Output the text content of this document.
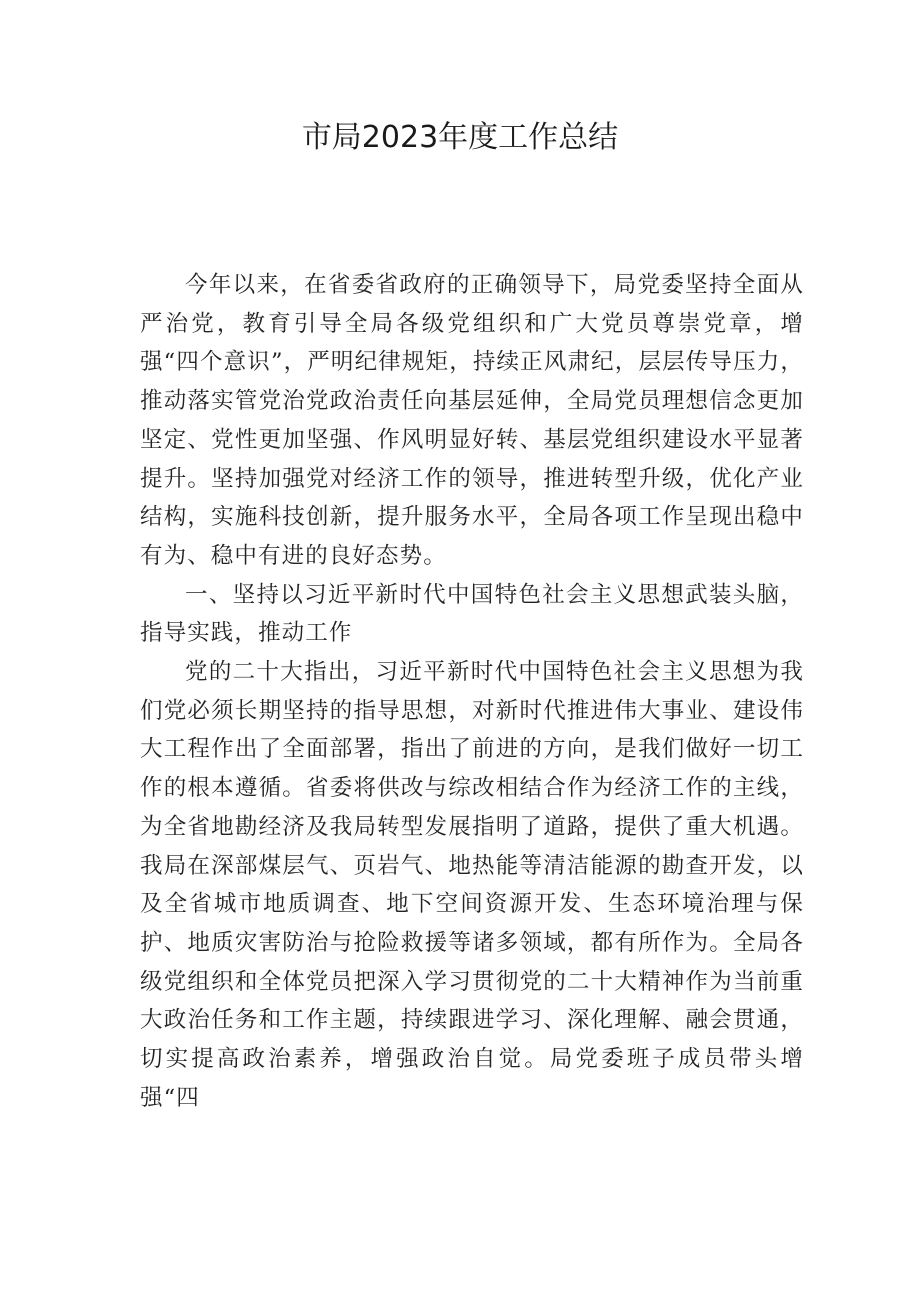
市局2023年度工作总结

今年以来，在省委省政府的正确领导下，局党委坚持全面从严治党，教育引导全局各级党组织和广大党员尊崇党章，增强“四个意识”，严明纪律规矩，持续正风肃纪，层层传导压力，推动落实管党治党政治责任向基层延伸，全局党员理想信念更加坚定、党性更加坚强、作风明显好转、基层党组织建设水平显著提升。坚持加强党对经济工作的领导，推进转型升级，优化产业结构，实施科技创新，提升服务水平，全局各项工作呈现出稳中有为、稳中有进的良好态势。

一、坚持以习近平新时代中国特色社会主义思想武装头脑，指导实践，推动工作

党的二十大指出，习近平新时代中国特色社会主义思想为我们党必须长期坚持的指导思想，对新时代推进伟大事业、建设伟大工程作出了全面部署，指出了前进的方向，是我们做好一切工作的根本遵循。省委将供改与综改相结合作为经济工作的主线，为全省地勘经济及我局转型发展指明了道路，提供了重大机遇。我局在深部煤层气、页岩气、地热能等清洁能源的勘查开发，以及全省城市地质调查、地下空间资源开发、生态环境治理与保护、地质灾害防治与抢险救援等诸多领域，都有所作为。全局各级党组织和全体党员把深入学习贯彻党的二十大精神作为当前重大政治任务和工作主题，持续跟进学习、深化理解、融会贯通，切实提高政治素养，增强政治自觉。局党委班子成员带头增强“四
